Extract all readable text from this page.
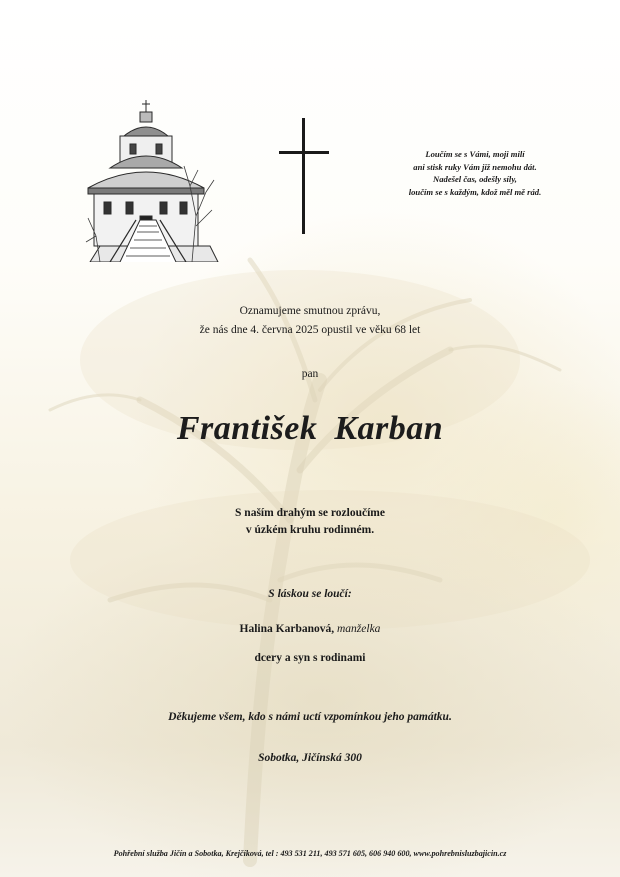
Loučím se s Vámi, moji milí
ani stisk ruky Vám již nemohu dát.
Nadešel čas, odešly síly,
loučím se s každým, kdož měl mě rád.
Oznamujeme smutnou zprávu,
že nás dne 4. června 2025 opustil ve věku 68 let
pan
František Karban
S naším drahým se rozloučíme
v úzkém kruhu rodinném.
S láskou se loučí:
Halina Karbanová, manželka
dcery a syn s rodinami
Děkujeme všem, kdo s námi uctí vzpomínkou jeho památku.
Sobotka, Jičínská 300
Pohřební služba Jičín a Sobotka, Krejčíková, tel : 493 531 211, 493 571 605, 606 940 600, www.pohrebnisluzbajicin.cz
